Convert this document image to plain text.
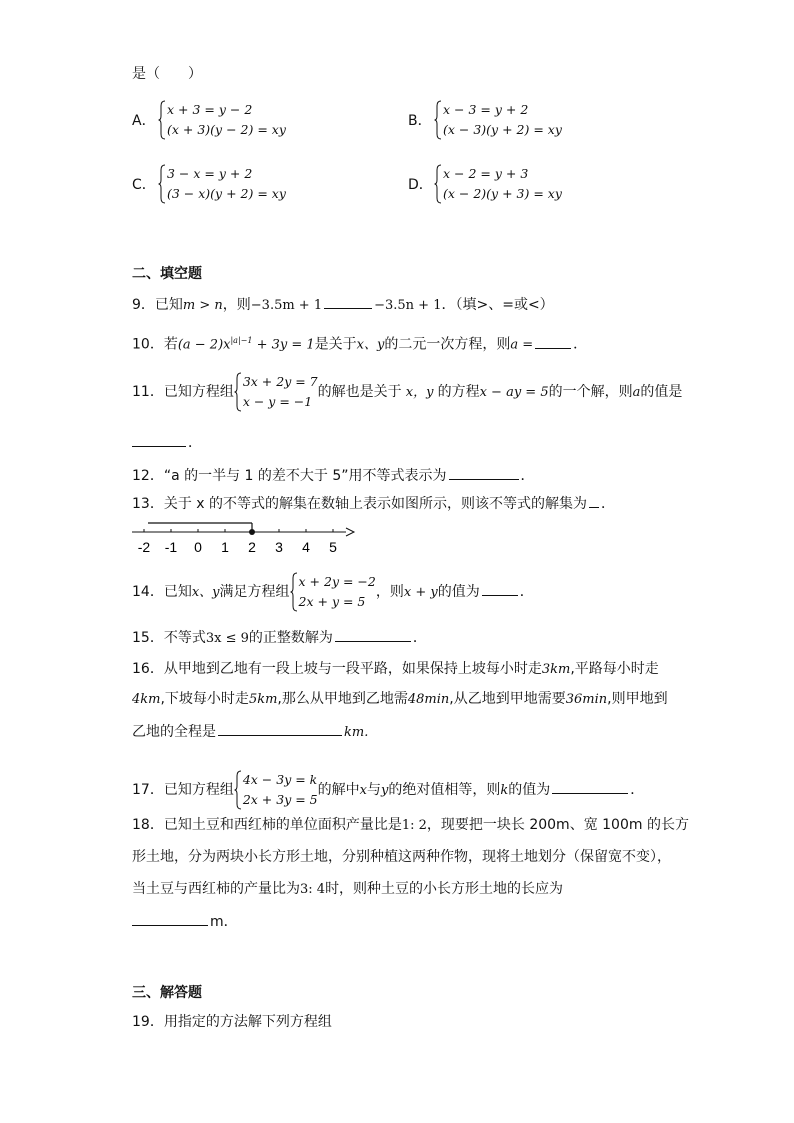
是（　　）
A．
x + 3 = y − 2
(x + 3)(y − 2) = xy
B．
x − 3 = y + 2
(x − 3)(y + 2) = xy
C．
3 − x = y + 2
(3 − x)(y + 2) = xy
D．
x − 2 = y + 3
(x − 2)(y + 3) = xy
二、填空题
9．已知m > n，则−3.5m + 1	−3.5n + 1．（填>、=或<）
10．若$(a - 2)x^{|a|-1} + 3y = 1$是关于x、y的二元一次方程，则a =	．
11．已知方程组
3x + 2y = 7
x − y = −1
的解也是关于 x，y 的方程x − ay = 5的一个解，则a的值是
．
12．“a 的一半与 1 的差不大于 5”用不等式表示为	．
13．关于 x 的不等式的解集在数轴上表示如图所示，则该不等式的解集为 ．
-2 -1 0 1 2 3 4 5
14．已知x、y满足方程组
x + 2y = −2
2x + y = 5
，则x + y的值为	．
15．不等式3x ≤ 9的正整数解为	．
16．从甲地到乙地有一段上坡与一段平路，如果保持上坡每小时走3km,平路每小时走
4km,下坡每小时走5km,那么从甲地到乙地需48min,从乙地到甲地需要36min,则甲地到
乙地的全程是	km.
17．已知方程组
4x − 3y = k
2x + 3y = 5
的解中x与y的绝对值相等，则k的值为	．
18．已知土豆和西红柿的单位面积产量比是1: 2，现要把一块长 200m、宽 100m 的长方
形土地，分为两块小长方形土地，分别种植这两种作物，现将土地划分（保留宽不变），
当土豆与西红柿的产量比为3: 4时，则种土豆的小长方形土地的长应为
m．
三、解答题
19．用指定的方法解下列方程组
